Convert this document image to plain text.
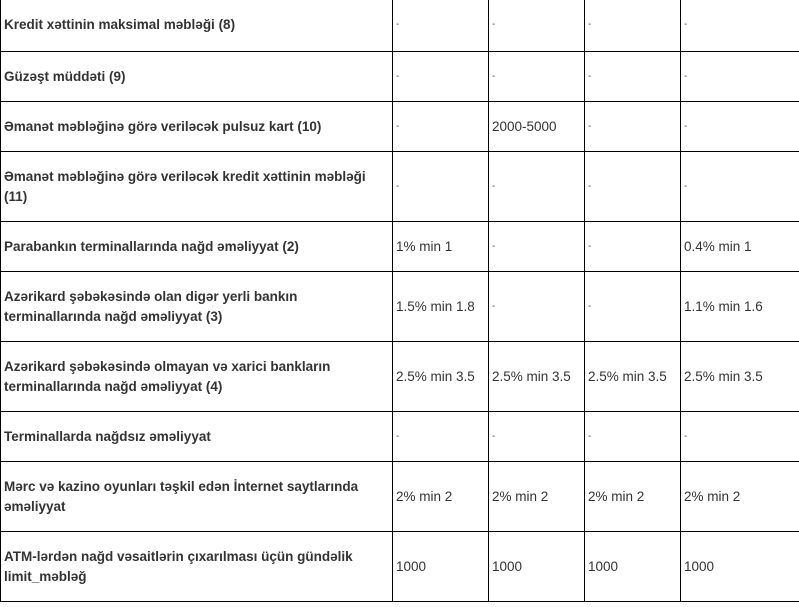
Kredit xəttinin maksimal məbləği (8)	-	-	-	-
Güzəşt müddəti (9)	-	-	-	-
Əmanət məbləğinə görə veriləcək pulsuz kart (10)	-	2000-5000	-	-
Əmanət məbləğinə görə veriləcək kredit xəttinin məbləği (11)	-	-	-	-
Parabankın terminallarında nağd əməliyyat (2)	1% min 1	-	-	0.4% min 1
Azərikard şəbəkəsində olan digər yerli bankın terminallarında nağd əməliyyat (3)	1.5% min 1.8	-	-	1.1% min 1.6
Azərikard şəbəkəsində olmayan və xarici bankların terminallarında nağd əməliyyat (4)	2.5% min 3.5	2.5% min 3.5	2.5% min 3.5	2.5% min 3.5
Terminallarda nağdsız əməliyyat	-	-	-	-
Mərc və kazino oyunları təşkil edən İnternet saytlarında əməliyyat	2% min 2	2% min 2	2% min 2	2% min 2
ATM-lərdən nağd vəsaitlərin çıxarılması üçün gündəlik limit_məbləğ	1000	1000	1000	1000
